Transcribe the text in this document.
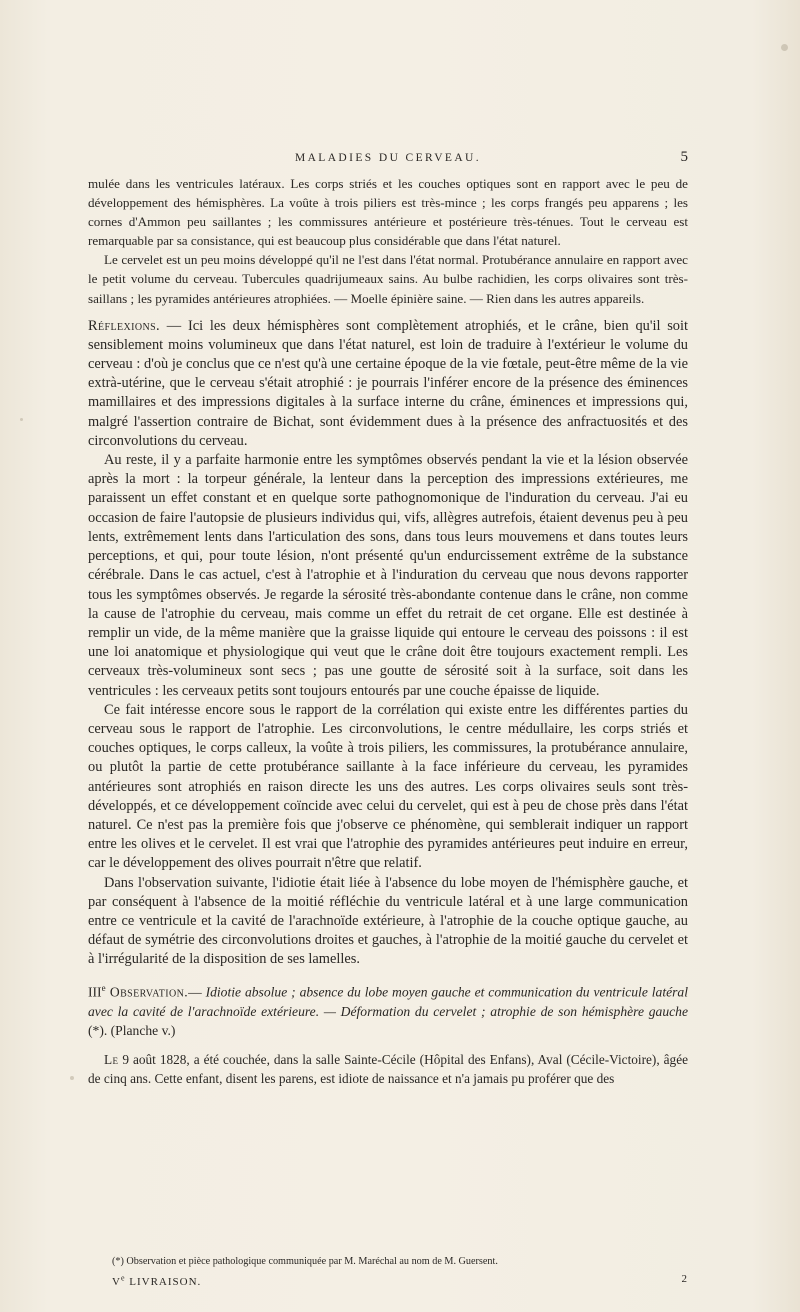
MALADIES DU CERVEAU.	5

mulée dans les ventricules latéraux. Les corps striés et les couches optiques sont en rapport avec le peu de développement des hémisphères. La voûte à trois piliers est très-mince ; les corps frangés peu apparens ; les cornes d'Ammon peu saillantes ; les commissures antérieure et postérieure très-ténues. Tout le cerveau est remarquable par sa consistance, qui est beaucoup plus considérable que dans l'état naturel.

Le cervelet est un peu moins développé qu'il ne l'est dans l'état normal. Protubérance annulaire en rapport avec le petit volume du cerveau. Tubercules quadrijumeaux sains. Au bulbe rachidien, les corps olivaires sont très-saillans ; les pyramides antérieures atrophiées. — Moelle épinière saine. — Rien dans les autres appareils.

Réflexions. — Ici les deux hémisphères sont complètement atrophiés, et le crâne, bien qu'il soit sensiblement moins volumineux que dans l'état naturel, est loin de traduire à l'extérieur le volume du cerveau : d'où je conclus que ce n'est qu'à une certaine époque de la vie fœtale, peut-être même de la vie extrà-utérine, que le cerveau s'était atrophié : je pourrais l'inférer encore de la présence des éminences mamillaires et des impressions digitales à la surface interne du crâne, éminences et impressions qui, malgré l'assertion contraire de Bichat, sont évidemment dues à la présence des anfractuosités et des circonvolutions du cerveau.

Au reste, il y a parfaite harmonie entre les symptômes observés pendant la vie et la lésion observée après la mort : la torpeur générale, la lenteur dans la perception des impressions extérieures, me paraissent un effet constant et en quelque sorte pathognomonique de l'induration du cerveau. J'ai eu occasion de faire l'autopsie de plusieurs individus qui, vifs, allègres autrefois, étaient devenus peu à peu lents, extrêmement lents dans l'articulation des sons, dans tous leurs mouvemens et dans toutes leurs perceptions, et qui, pour toute lésion, n'ont présenté qu'un endurcissement extrême de la substance cérébrale. Dans le cas actuel, c'est à l'atrophie et à l'induration du cerveau que nous devons rapporter tous les symptômes observés. Je regarde la sérosité très-abondante contenue dans le crâne, non comme la cause de l'atrophie du cerveau, mais comme un effet du retrait de cet organe. Elle est destinée à remplir un vide, de la même manière que la graisse liquide qui entoure le cerveau des poissons : il est une loi anatomique et physiologique qui veut que le crâne doit être toujours exactement rempli. Les cerveaux très-volumineux sont secs ; pas une goutte de sérosité soit à la surface, soit dans les ventricules : les cerveaux petits sont toujours entourés par une couche épaisse de liquide.

Ce fait intéresse encore sous le rapport de la corrélation qui existe entre les différentes parties du cerveau sous le rapport de l'atrophie. Les circonvolutions, le centre médullaire, les corps striés et couches optiques, le corps calleux, la voûte à trois piliers, les commissures, la protubérance annulaire, ou plutôt la partie de cette protubérance saillante à la face inférieure du cerveau, les pyramides antérieures sont atrophiés en raison directe les uns des autres. Les corps olivaires seuls sont très-développés, et ce développement coïncide avec celui du cervelet, qui est à peu de chose près dans l'état naturel. Ce n'est pas la première fois que j'observe ce phénomène, qui semblerait indiquer un rapport entre les olives et le cervelet. Il est vrai que l'atrophie des pyramides antérieures peut induire en erreur, car le développement des olives pourrait n'être que relatif.

Dans l'observation suivante, l'idiotie était liée à l'absence du lobe moyen de l'hémisphère gauche, et par conséquent à l'absence de la moitié réfléchie du ventricule latéral et à une large communication entre ce ventricule et la cavité de l'arachnoïde extérieure, à l'atrophie de la couche optique gauche, au défaut de symétrie des circonvolutions droites et gauches, à l'atrophie de la moitié gauche du cervelet et à l'irrégularité de la disposition de ses lamelles.

IIIe Observation.— Idiotie absolue ; absence du lobe moyen gauche et communication du ventricule latéral avec la cavité de l'arachnoïde extérieure. — Déformation du cervelet ; atrophie de son hémisphère gauche (*). (Planche v.)

Le 9 août 1828, a été couchée, dans la salle Sainte-Cécile (Hôpital des Enfans), Aval (Cécile-Victoire), âgée de cinq ans. Cette enfant, disent les parens, est idiote de naissance et n'a jamais pu proférer que des

(*) Observation et pièce pathologique communiquée par M. Maréchal au nom de M. Guersent.
Ve LIVRAISON.	2
